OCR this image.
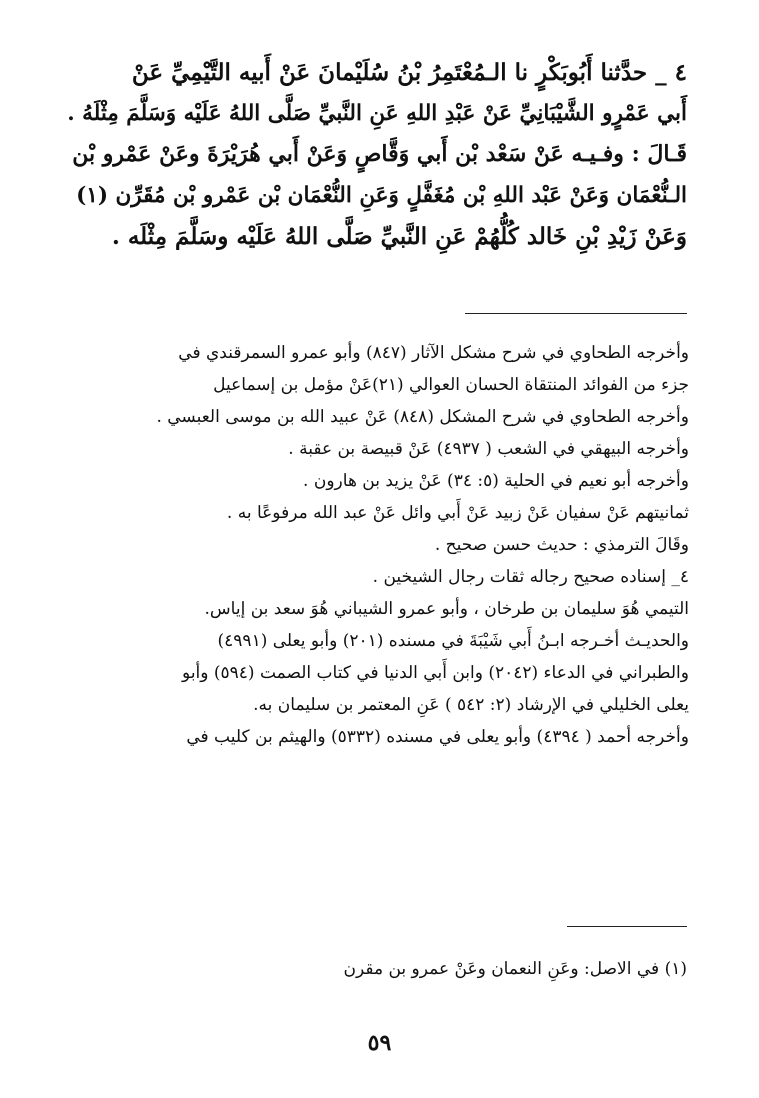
٤ _ حدَّثنا أَبُوبَكْرٍ نا الـمُعْتَمِرُ بْنُ سُلَيْمانَ عَنْ أَبيه التَّيْمِيِّ عَنْ

أَبي عَمْرٍو الشَّيْبَانِيِّ عَنْ عَبْدِ اللهِ عَنِ النَّبيِّ صَلَّى اللهُ عَلَيْه وَسَلَّمَ مِثْلَهُ .

قَـالَ : وفـيـه عَنْ سَعْد بْن أَبي وَقَّاصٍ وَعَنْ أَبي هُرَيْرَةَ وعَنْ عَمْرو بْن

الـنُّعْمَان وَعَنْ عَبْد اللهِ بْن مُغَفَّلٍ وَعَنِ النُّعْمَان بْن عَمْرو بْن مُقَرِّن (١)

وَعَنْ زَيْدِ بْنِ خَالد كُلُّهُمْ عَنِ النَّبيِّ صَلَّى اللهُ عَلَيْه وسَلَّمَ مِثْلَه .

وأخرجه الطحاوي في شرح مشكل الآثار (٨٤٧) وأبو عمرو السمرقندي في

جزء من الفوائد المنتقاة الحسان العوالي (٢١)عَنْ مؤمل بن إسماعيل

وأخرجه الطحاوي في شرح المشكل (٨٤٨) عَنْ عبيد الله بن موسى العبسي .

وأخرجه البيهقي في الشعب ( ٤٩٣٧) عَنْ قبيصة بن عقبة .

وأخرجه أبو نعيم في الحلية (٥: ٣٤) عَنْ يزيد بن هارون .

ثمانيتهم عَنْ سفيان عَنْ زبيد عَنْ أَبي وائل عَنْ عبد الله مرفوعًا به .

وقَالَ الترمذي : حديث حسن صحيح .

٤_ إسناده صحيح رجاله ثقات رجال الشيخين .

التيمي هُوَ سليمان بن طرخان ، وأبو عمرو الشيباني هُوَ سعد بن إياس.

والحديـث أخـرجه ابـنُ أَبي شَيْبَةَ في مسنده (٢٠١) وأبو يعلى (٤٩٩١)

والطبراني في الدعاء (٢٠٤٢) وابن أَبي الدنيا في كتاب الصمت (٥٩٤) وأبو

يعلى الخليلي في الإرشاد (٢: ٥٤٢ ) عَنِ المعتمر بن سليمان به.

وأخرجه أحمد ( ٤٣٩٤) وأبو يعلى في مسنده (٥٣٣٢) والهيثم بن كليب في

(١) في الاصل: وعَنِ النعمان وعَنْ عمرو بن مقرن

٥٩
